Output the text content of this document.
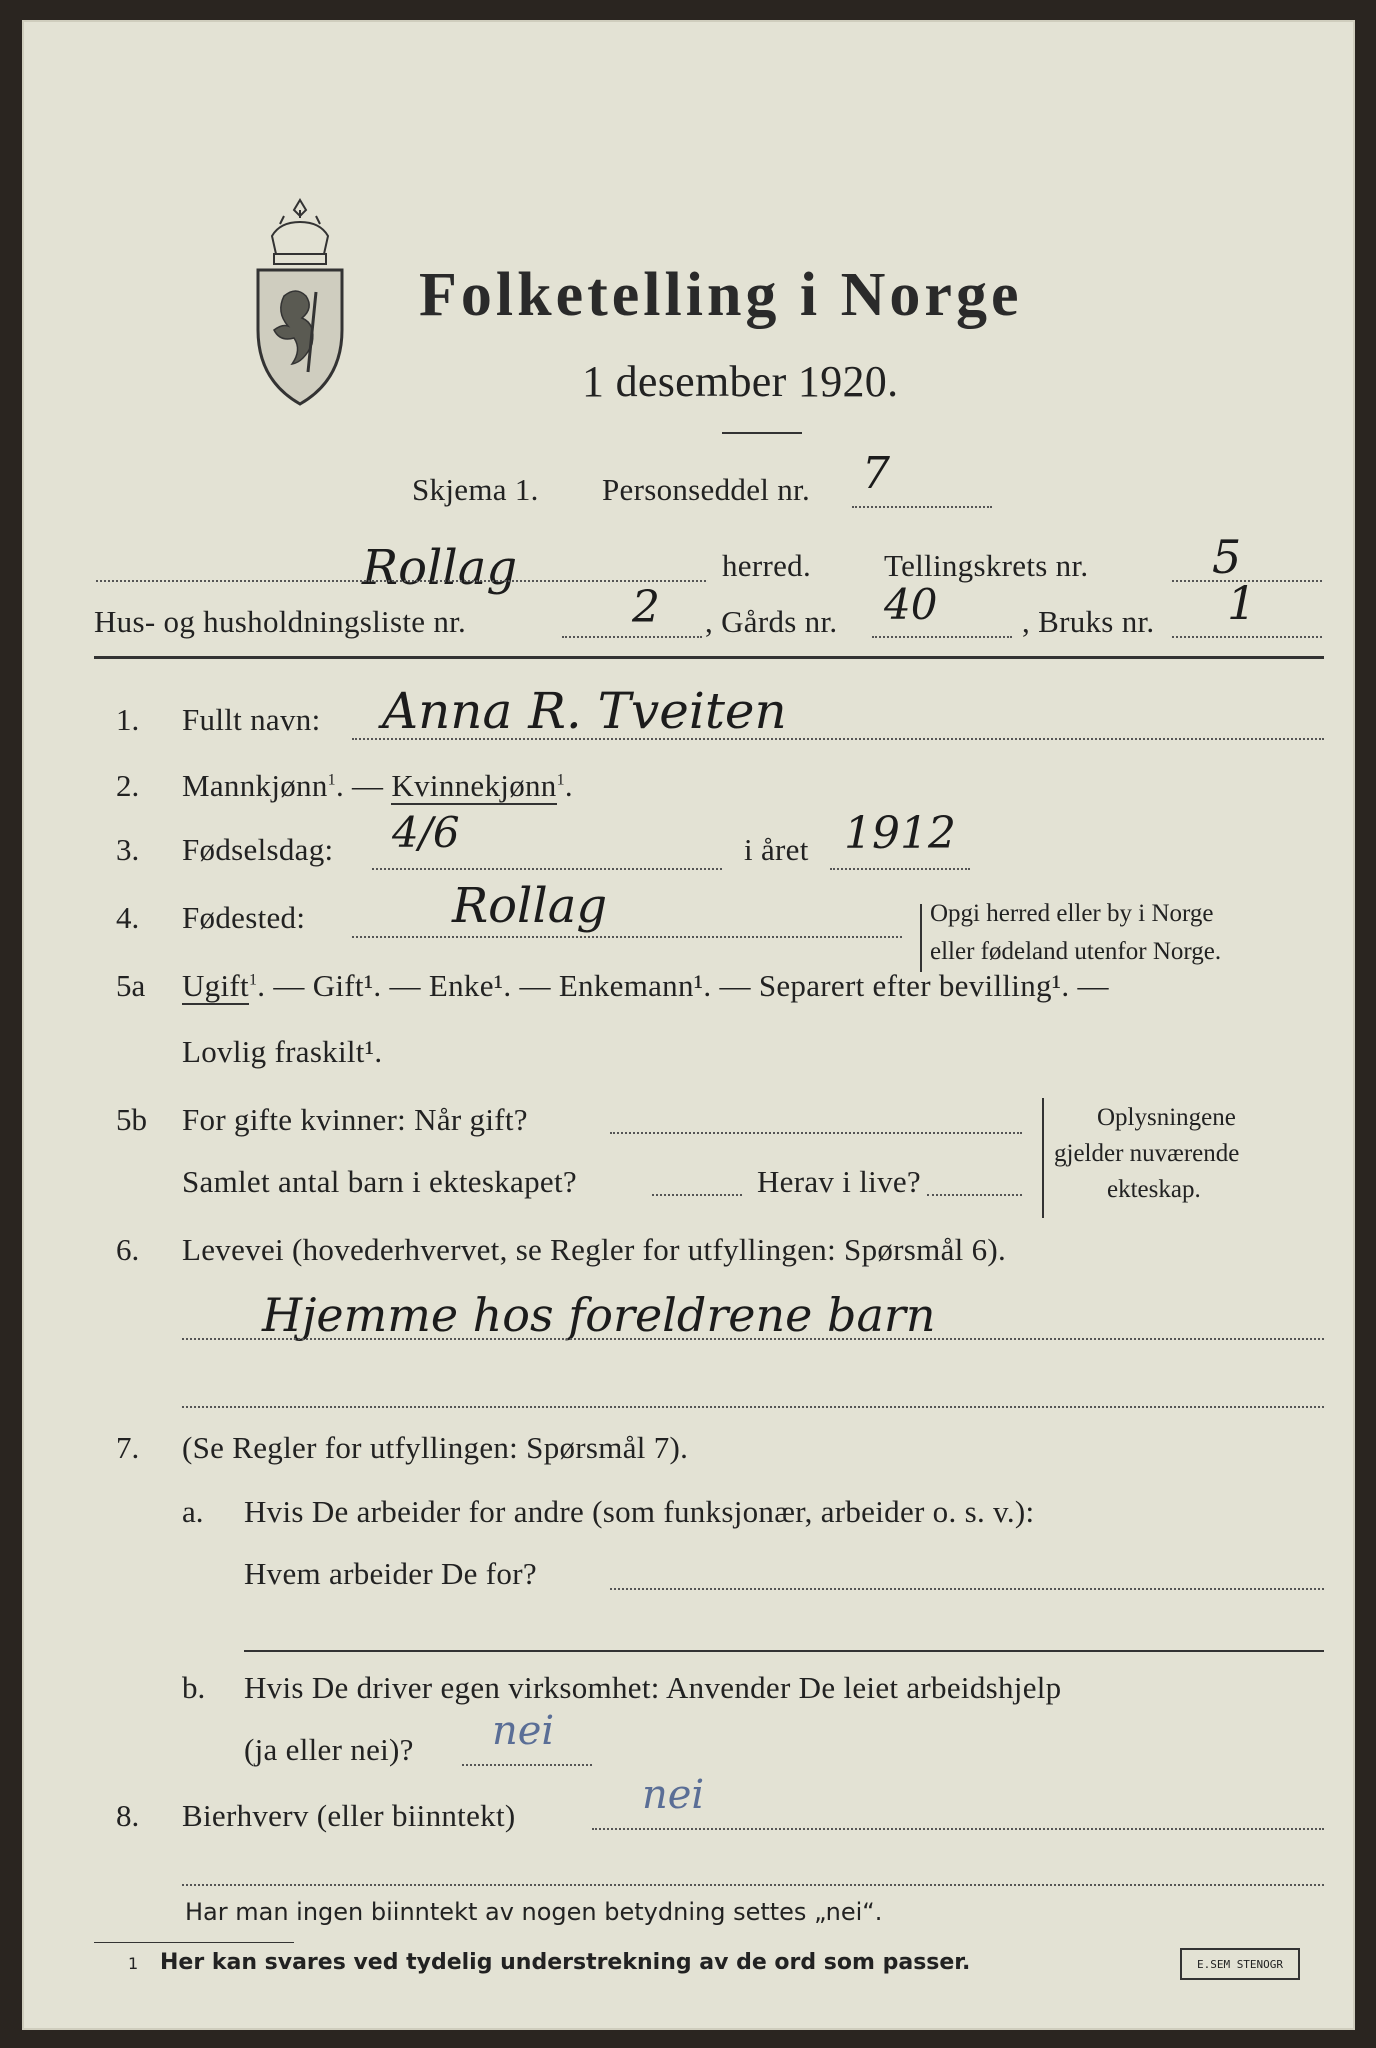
Folketelling i Norge
1 desember 1920.
Skjema 1. Personseddel nr. 7
Rollag	herred. Tellingskrets nr.	5
Hus- og husholdningsliste nr.	2 , Gårds nr. 40	, Bruks nr. 1
1. Fullt navn: Anna R. Tveiten
2. Mannkjønn$^1$. — Kvinnekjønn$^1$.
3. Fødselsdag: 4/6	i året 1912
4. Fødested:	Rollag	Opgi herred eller by i Norge
eller fødeland utenfor Norge.
5a Ugift$^1$. — Gift¹. — Enke¹. — Enkemann¹. — Separert efter bevilling¹. —
Lovlig fraskilt¹.
5b For gifte kvinner: Når gift?
Samlet antal barn i ekteskapet?	Herav i live?
Oplysningene
gjelder nuværende
ekteskap.
6. Levevei (hovederhvervet, se Regler for utfyllingen: Spørsmål 6).
Hjemme hos foreldrene barn
7. (Se Regler for utfyllingen: Spørsmål 7).
a. Hvis De arbeider for andre (som funksjonær, arbeider o. s. v.):
Hvem arbeider De for?
b. Hvis De driver egen virksomhet: Anvender De leiet arbeidshjelp
(ja eller nei)? nei
8. Bierhverv (eller biinntekt)	nei
Har man ingen biinntekt av nogen betydning settes „nei“.
1 Her kan svares ved tydelig understrekning av de ord som passer.	E.SEM STENOGR
